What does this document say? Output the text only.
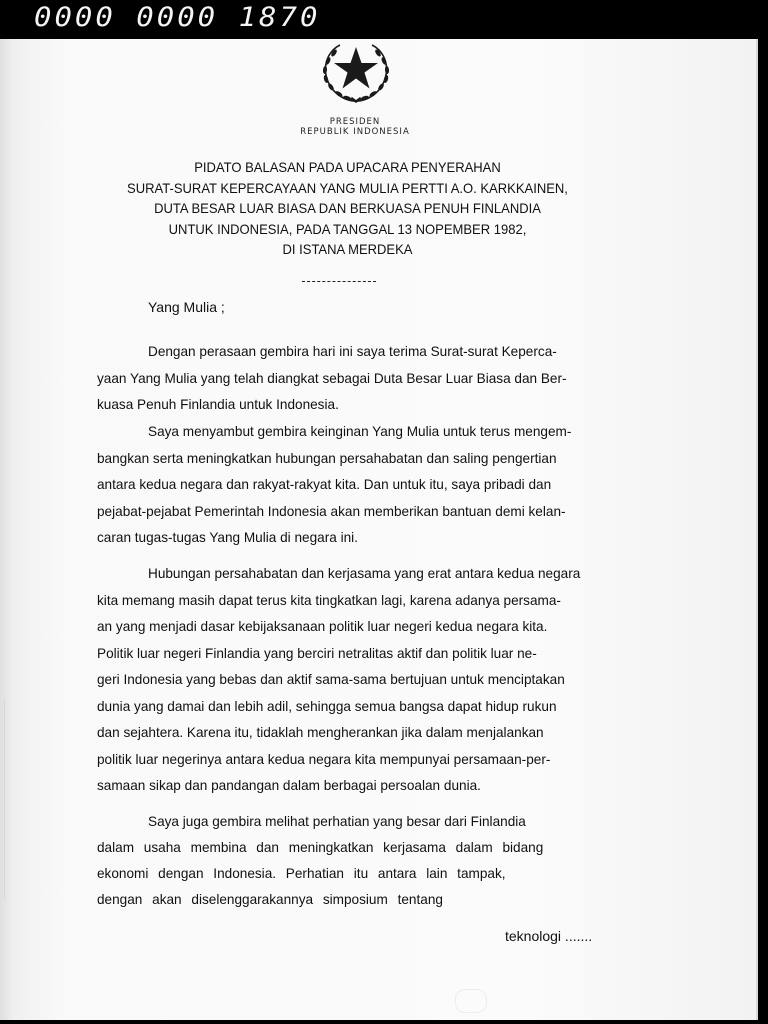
0000 0000 1870
PRESIDEN
REPUBLIK INDONESIA
PIDATO BALASAN PADA UPACARA PENYERAHAN
SURAT-SURAT KEPERCAYAAN YANG MULIA PERTTI A.O. KARKKAINEN,
DUTA BESAR LUAR BIASA DAN BERKUASA PENUH FINLANDIA
UNTUK INDONESIA, PADA TANGGAL 13 NOPEMBER 1982,
DI ISTANA MERDEKA
Yang Mulia ;
Dengan perasaan gembira hari ini saya terima Surat-surat Keperca-
yaan Yang Mulia yang telah diangkat sebagai Duta Besar Luar Biasa dan Ber-
kuasa Penuh Finlandia untuk Indonesia.
Saya menyambut gembira keinginan Yang Mulia untuk terus mengem-
bangkan serta meningkatkan hubungan persahabatan dan saling pengertian
antara kedua negara dan rakyat-rakyat kita. Dan untuk itu, saya pribadi dan
pejabat-pejabat Pemerintah Indonesia akan memberikan bantuan demi kelan-
caran tugas-tugas Yang Mulia di negara ini.
Hubungan persahabatan dan kerjasama yang erat antara kedua negara
kita memang masih dapat terus kita tingkatkan lagi, karena adanya persama-
an yang menjadi dasar kebijaksanaan politik luar negeri kedua negara kita.
Politik luar negeri Finlandia yang berciri netralitas aktif dan politik luar ne-
geri Indonesia yang bebas dan aktif sama-sama bertujuan untuk menciptakan
dunia yang damai dan lebih adil, sehingga semua bangsa dapat hidup rukun
dan sejahtera. Karena itu, tidaklah mengherankan jika dalam menjalankan
politik luar negerinya antara kedua negara kita mempunyai persamaan-per-
samaan sikap dan pandangan dalam berbagai persoalan dunia.
Saya juga gembira melihat perhatian yang besar dari Finlandia
dalam usaha membina dan meningkatkan kerjasama dalam bidang
ekonomi dengan Indonesia. Perhatian itu antara lain tampak,
dengan akan diselenggarakannya simposium tentang
teknologi .......
